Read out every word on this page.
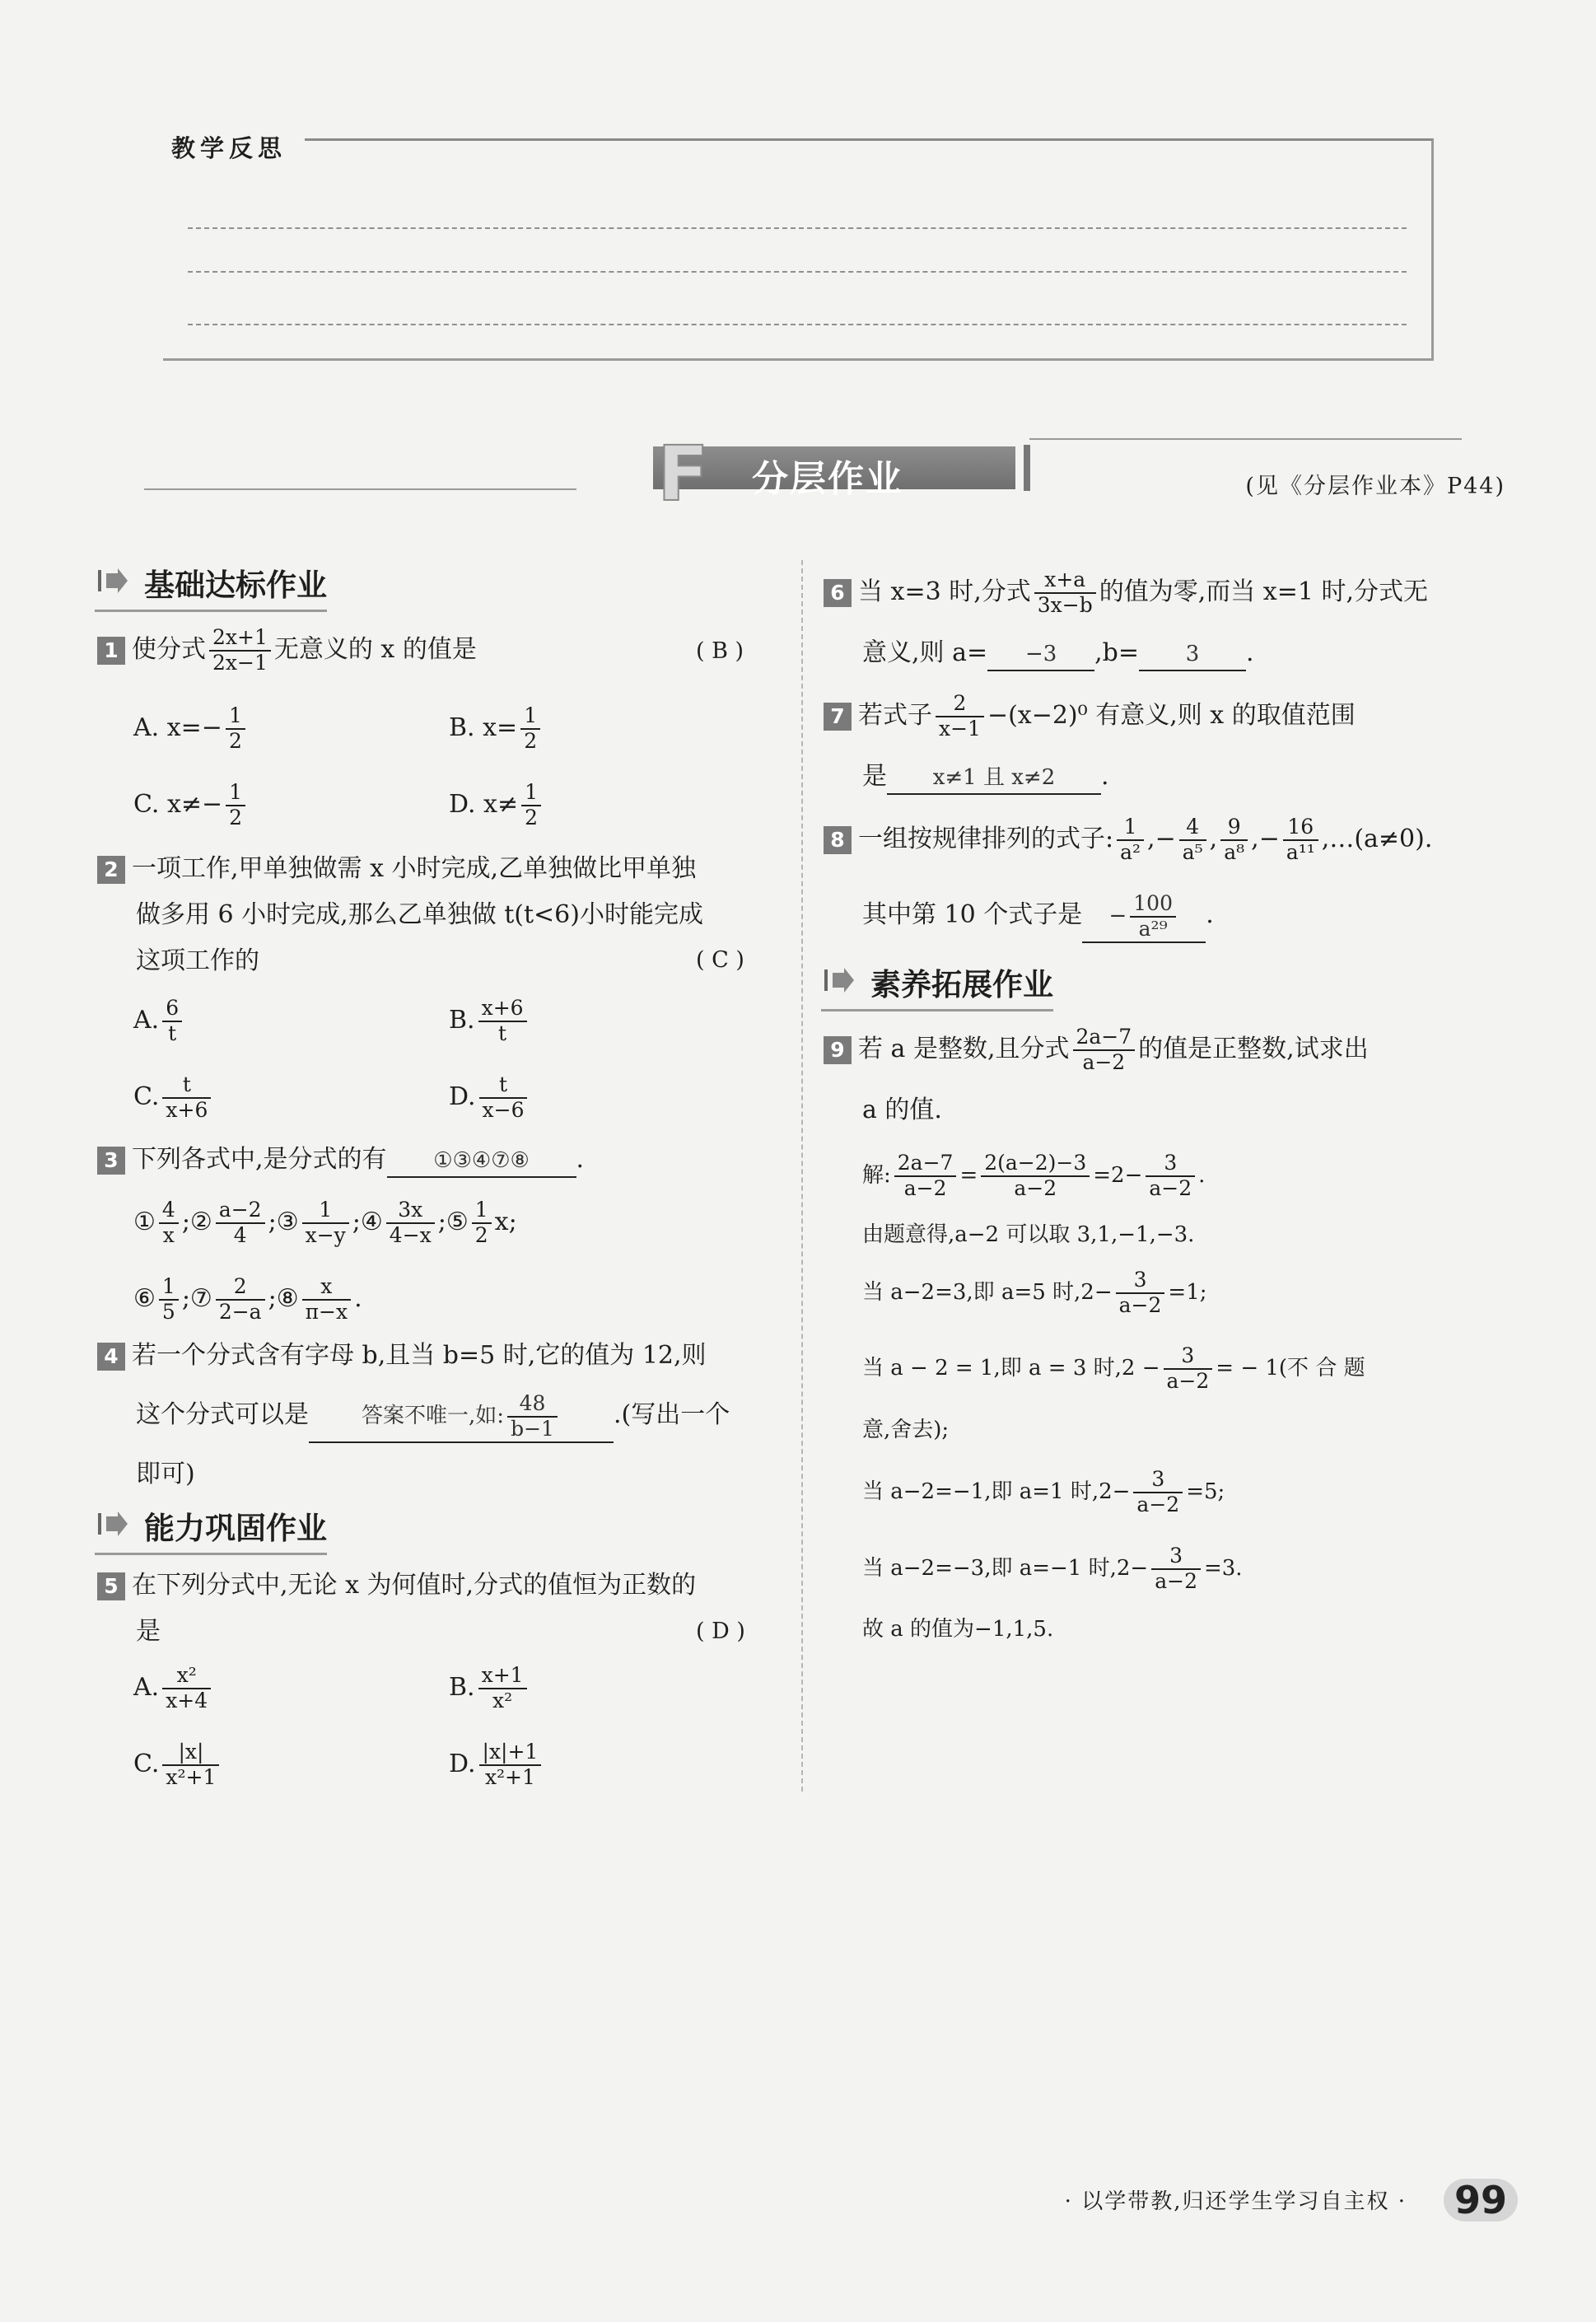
教学反思
F 分层作业	(见《分层作业本》P44)
基础达标作业
1 使分式 $\frac{2x+1}{2x-1}$ 无意义的 x 的值是	( B )
A. $x=- \frac{1}{2}$	B. $x= \frac{1}{2}$
C. $x\ne- \frac{1}{2}$	D. $x\ne \frac{1}{2}$
2 一项工作,甲单独做需 x 小时完成,乙单独做比甲单独
做多用 6 小时完成,那么乙单独做 t(t<6)小时能完成
这项工作的	( C )
A. $\frac{6}{t}$	B. $\frac{x+6}{t}$
C. $\frac{t}{x+6}$	D. $\frac{t}{x-6}$
3 下列各式中,是分式的有 ①③④⑦⑧ .
① $\frac{4}{x}$ ;② $\frac{a-2}{4}$ ;③ $\frac{1}{x-y}$ ;④ $\frac{3x}{4-x}$ ;⑤ $\frac{1}{2} x$;
⑥ $\frac{1}{5}$ ;⑦ $\frac{2}{2-a}$ ;⑧ $\frac{x}{\pi-x}$ .
4 若一个分式含有字母 b,且当 b=5 时,它的值为 12,则
这个分式可以是 答案不唯一,如: $\frac{48}{b-1}$ .(写出一个
即可)
能力巩固作业
5 在下列分式中,无论 x 为何值时,分式的值恒为正数的
是	( D )
A. $\frac{\text{x²}}{x+4}$	B. $\frac{x+1}{\text{x²}}$
C. $\frac{|x|}{\text{x²+1}}$	D. $\frac{|x|+1}{\text{x²+1}}$
6 当 x=3 时,分式 $\frac{x+a}{3x-b}$ 的值为零,而当 x=1 时,分式无
意义,则 a= −3 ,b= 3 .
7 若式子 $\frac{2}{x-1} -(x-2)^0$ 有意义,则 x 的取值范围
是 x≠1 且 x≠2 .
8 一组按规律排列的式子: $\frac{1}{\text{a²}}$ ,− $\frac{4}{\text{a⁵}}$ , $\frac{9}{\text{a⁸}}$ ,− $\frac{16}{\text{a¹¹}}$ ,…(a≠0).
其中第 10 个式子是 − $\frac{100}{\text{a²⁹}}$ .
素养拓展作业
9 若 a 是整数,且分式 $\frac{2a-7}{a-2}$ 的值是正整数,试求出
a 的值.
解: $\frac{2a-7}{a-2} = \frac{2(a-2)-3}{a-2} =2- \frac{3}{a-2}$ .
由题意得,a−2 可以取 3,1,−1,−3.
当 a−2=3,即 a=5 时$,2- \frac{3}{a-2} =1$;
当 a − 2 = 1,即 a = 3 时$,2 - \frac{3}{a-2}$ = − 1(不 合 题
意,舍去);
当 a−2=−1,即 a=1 时$,2- \frac{3}{a-2} =5$;
当 a−2=−3,即 a=−1 时$,2- \frac{3}{a-2} =3$.
故 a 的值为−1,1,5.
· 以学带教,归还学生学习自主权 · 99
